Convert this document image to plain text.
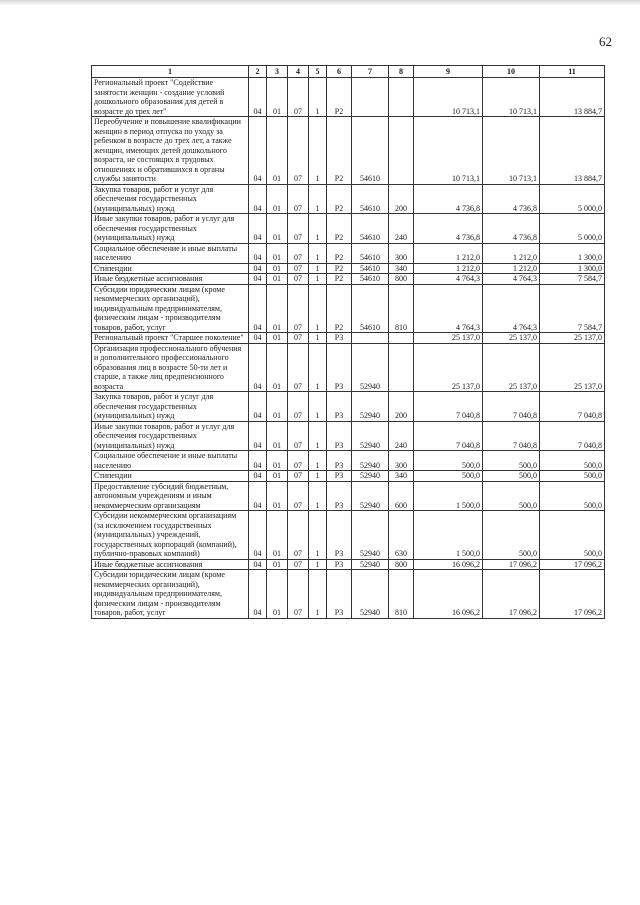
62
1	2	3	4	5	6	7	8	9	10	11
Региональный проект "Содействие занятости женщин - создание условий дошкольного образования для детей в возрасте до трех лет"	04	01	07	1	P2			10 713,1	10 713,1	13 884,7
Переобучение и повышение квалификации женщин в период отпуска по уходу за ребенком в возрасте до трех лет, а также женщин, имеющих детей дошкольного возраста, не состоящих в трудовых отношениях и обратившихся в органы службы занятости	04	01	07	1	P2	54610		10 713,1	10 713,1	13 884,7
Закупка товаров, работ и услуг для обеспечения государственных (муниципальных) нужд	04	01	07	1	P2	54610	200	4 736,8	4 736,8	5 000,0
Иные закупки товаров, работ и услуг для обеспечения государственных (муниципальных) нужд	04	01	07	1	P2	54610	240	4 736,8	4 736,8	5 000,0
Социальное обеспечение и иные выплаты населению	04	01	07	1	P2	54610	300	1 212,0	1 212,0	1 300,0
Стипендии	04	01	07	1	P2	54610	340	1 212,0	1 212,0	1 300,0
Иные бюджетные ассигнования	04	01	07	1	P2	54610	800	4 764,3	4 764,3	7 584,7
Субсидии юридическим лицам (кроме некоммерческих организаций), индивидуальным предпринимателям, физическим лицам - производителям товаров, работ, услуг	04	01	07	1	P2	54610	810	4 764,3	4 764,3	7 584,7
Региональный проект "Старшее поколение"	04	01	07	1	P3			25 137,0	25 137,0	25 137,0
Организация профессионального обучения и дополнительного профессионального образования лиц в возрасте 50-ти лет и старше, а также лиц предпенсионного возраста	04	01	07	1	P3	52940		25 137,0	25 137,0	25 137,0
Закупка товаров, работ и услуг для обеспечения государственных (муниципальных) нужд	04	01	07	1	P3	52940	200	7 040,8	7 040,8	7 040,8
Иные закупки товаров, работ и услуг для обеспечения государственных (муниципальных) нужд	04	01	07	1	P3	52940	240	7 040,8	7 040,8	7 040,8
Социальное обеспечение и иные выплаты населению	04	01	07	1	P3	52940	300	500,0	500,0	500,0
Стипендии	04	01	07	1	P3	52940	340	500,0	500,0	500,0
Предоставление субсидий бюджетным, автономным учреждениям и иным некоммерческим организациям	04	01	07	1	P3	52940	600	1 500,0	500,0	500,0
Субсидии некоммерческим организациям (за исключением государственных (муниципальных) учреждений, государственных корпораций (компаний), публично-правовых компаний)	04	01	07	1	P3	52940	630	1 500,0	500,0	500,0
Иные бюджетные ассигнования	04	01	07	1	P3	52940	800	16 096,2	17 096,2	17 096,2
Субсидии юридическим лицам (кроме некоммерческих организаций), индивидуальным предпринимателям, физическим лицам - производителям товаров, работ, услуг	04	01	07	1	P3	52940	810	16 096,2	17 096,2	17 096,2
